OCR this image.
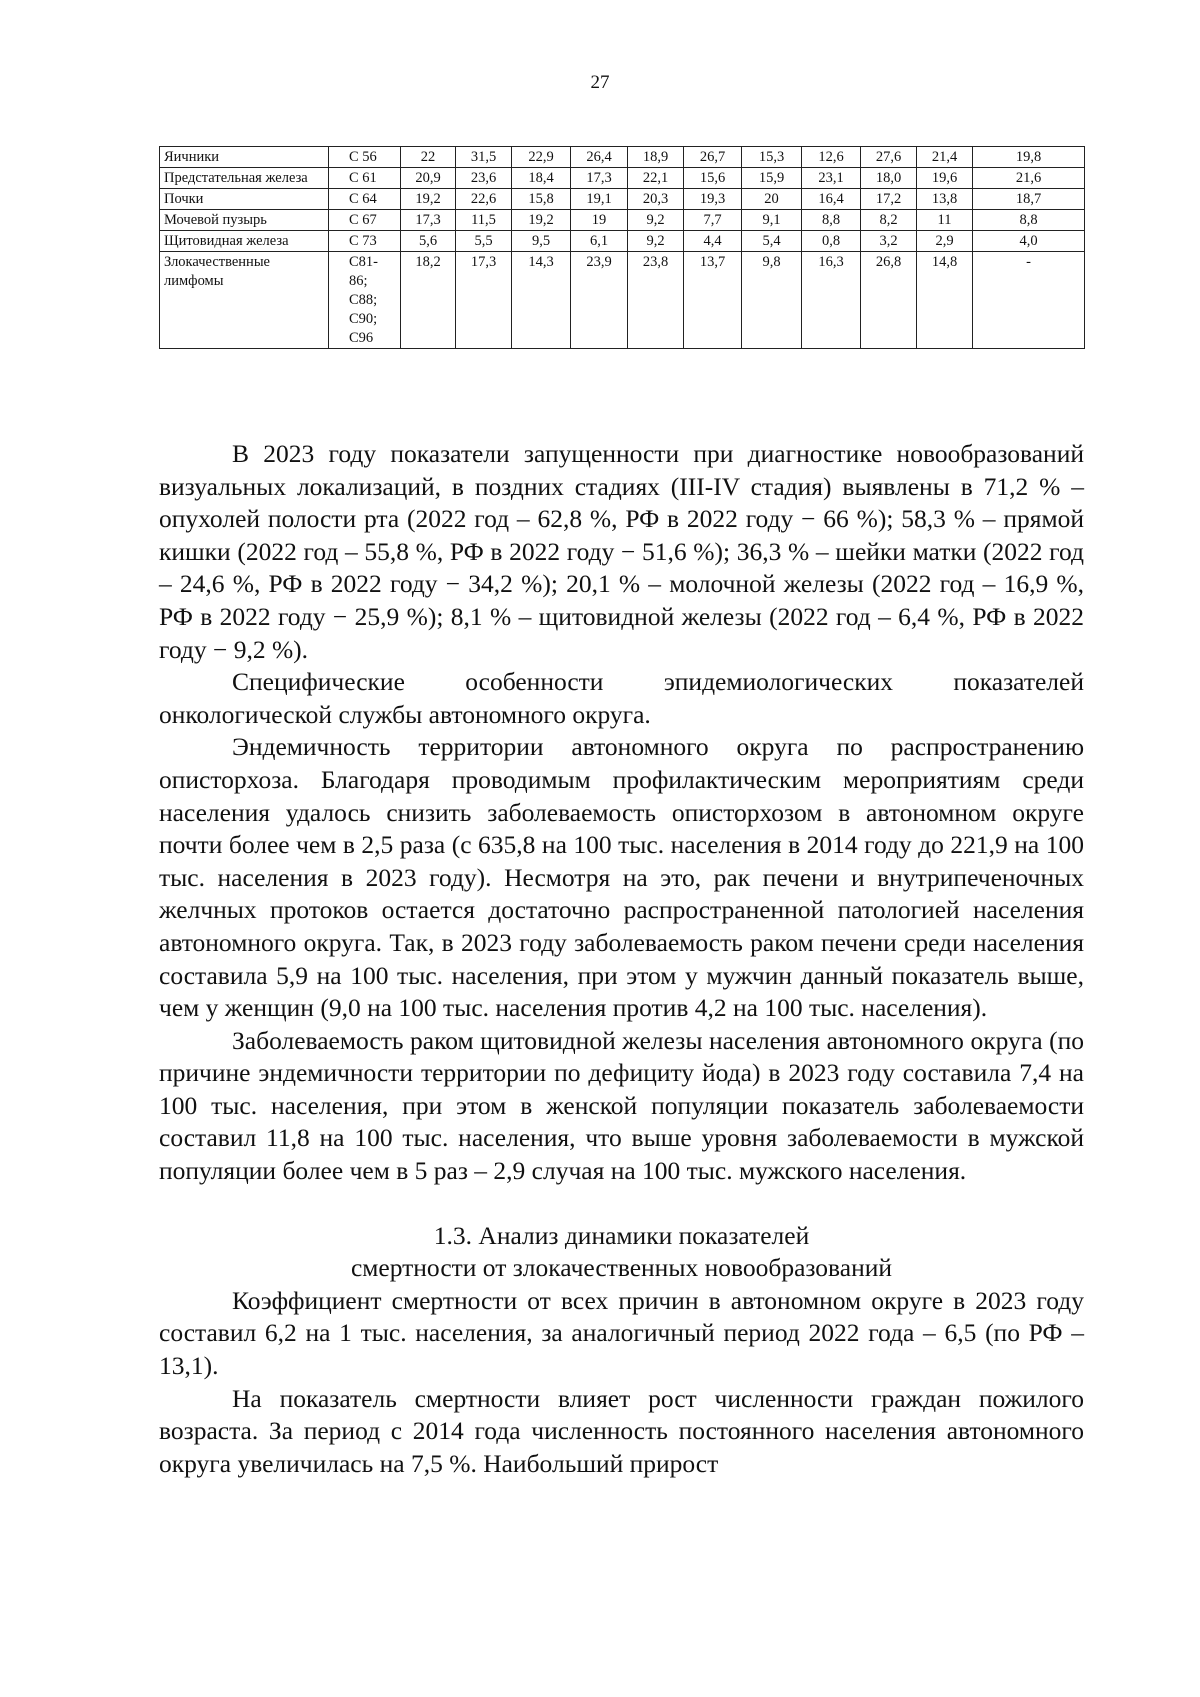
27
Яичники	С 56	22	31,5	22,9	26,4	18,9	26,7	15,3	12,6	27,6	21,4	19,8
Предстательная железа	С 61	20,9	23,6	18,4	17,3	22,1	15,6	15,9	23,1	18,0	19,6	21,6
Почки	С 64	19,2	22,6	15,8	19,1	20,3	19,3	20	16,4	17,2	13,8	18,7
Мочевой пузырь	С 67	17,3	11,5	19,2	19	9,2	7,7	9,1	8,8	8,2	11	8,8
Щитовидная железа	С 73	5,6	5,5	9,5	6,1	9,2	4,4	5,4	0,8	3,2	2,9	4,0
Злокачественные лимфомы	С81-86; С88; С90; С96	18,2	17,3	14,3	23,9	23,8	13,7	9,8	16,3	26,8	14,8	-

В 2023 году показатели запущенности при диагностике новообразований визуальных локализаций, в поздних стадиях (III-IV стадия) выявлены в 71,2 % – опухолей полости рта (2022 год – 62,8 %, РФ в 2022 году − 66 %); 58,3 % – прямой кишки (2022 год – 55,8 %, РФ в 2022 году − 51,6 %); 36,3 % – шейки матки (2022 год – 24,6 %, РФ в 2022 году − 34,2 %); 20,1 % – молочной железы (2022 год – 16,9 %, РФ в 2022 году − 25,9 %); 8,1 % – щитовидной железы (2022 год – 6,4 %, РФ в 2022 году − 9,2 %).

Специфические особенности эпидемиологических показателей онкологической службы автономного округа.

Эндемичность территории автономного округа по распространению описторхоза. Благодаря проводимым профилактическим мероприятиям среди населения удалось снизить заболеваемость описторхозом в автономном округе почти более чем в 2,5 раза (с 635,8 на 100 тыс. населения в 2014 году до 221,9 на 100 тыс. населения в 2023 году). Несмотря на это, рак печени и внутрипеченочных желчных протоков остается достаточно распространенной патологией населения автономного округа. Так, в 2023 году заболеваемость раком печени среди населения составила 5,9 на 100 тыс. населения, при этом у мужчин данный показатель выше, чем у женщин (9,0 на 100 тыс. населения против 4,2 на 100 тыс. населения).

Заболеваемость раком щитовидной железы населения автономного округа (по причине эндемичности территории по дефициту йода) в 2023 году составила 7,4 на 100 тыс. населения, при этом в женской популяции показатель заболеваемости составил 11,8 на 100 тыс. населения, что выше уровня заболеваемости в мужской популяции более чем в 5 раз – 2,9 случая на 100 тыс. мужского населения.

1.3. Анализ динамики показателей

смертности от злокачественных новообразований

Коэффициент смертности от всех причин в автономном округе в 2023 году составил 6,2 на 1 тыс. населения, за аналогичный период 2022 года – 6,5 (по РФ – 13,1).

На показатель смертности влияет рост численности граждан пожилого возраста. За период с 2014 года численность постоянного населения автономного округа увеличилась на 7,5 %. Наибольший прирост
